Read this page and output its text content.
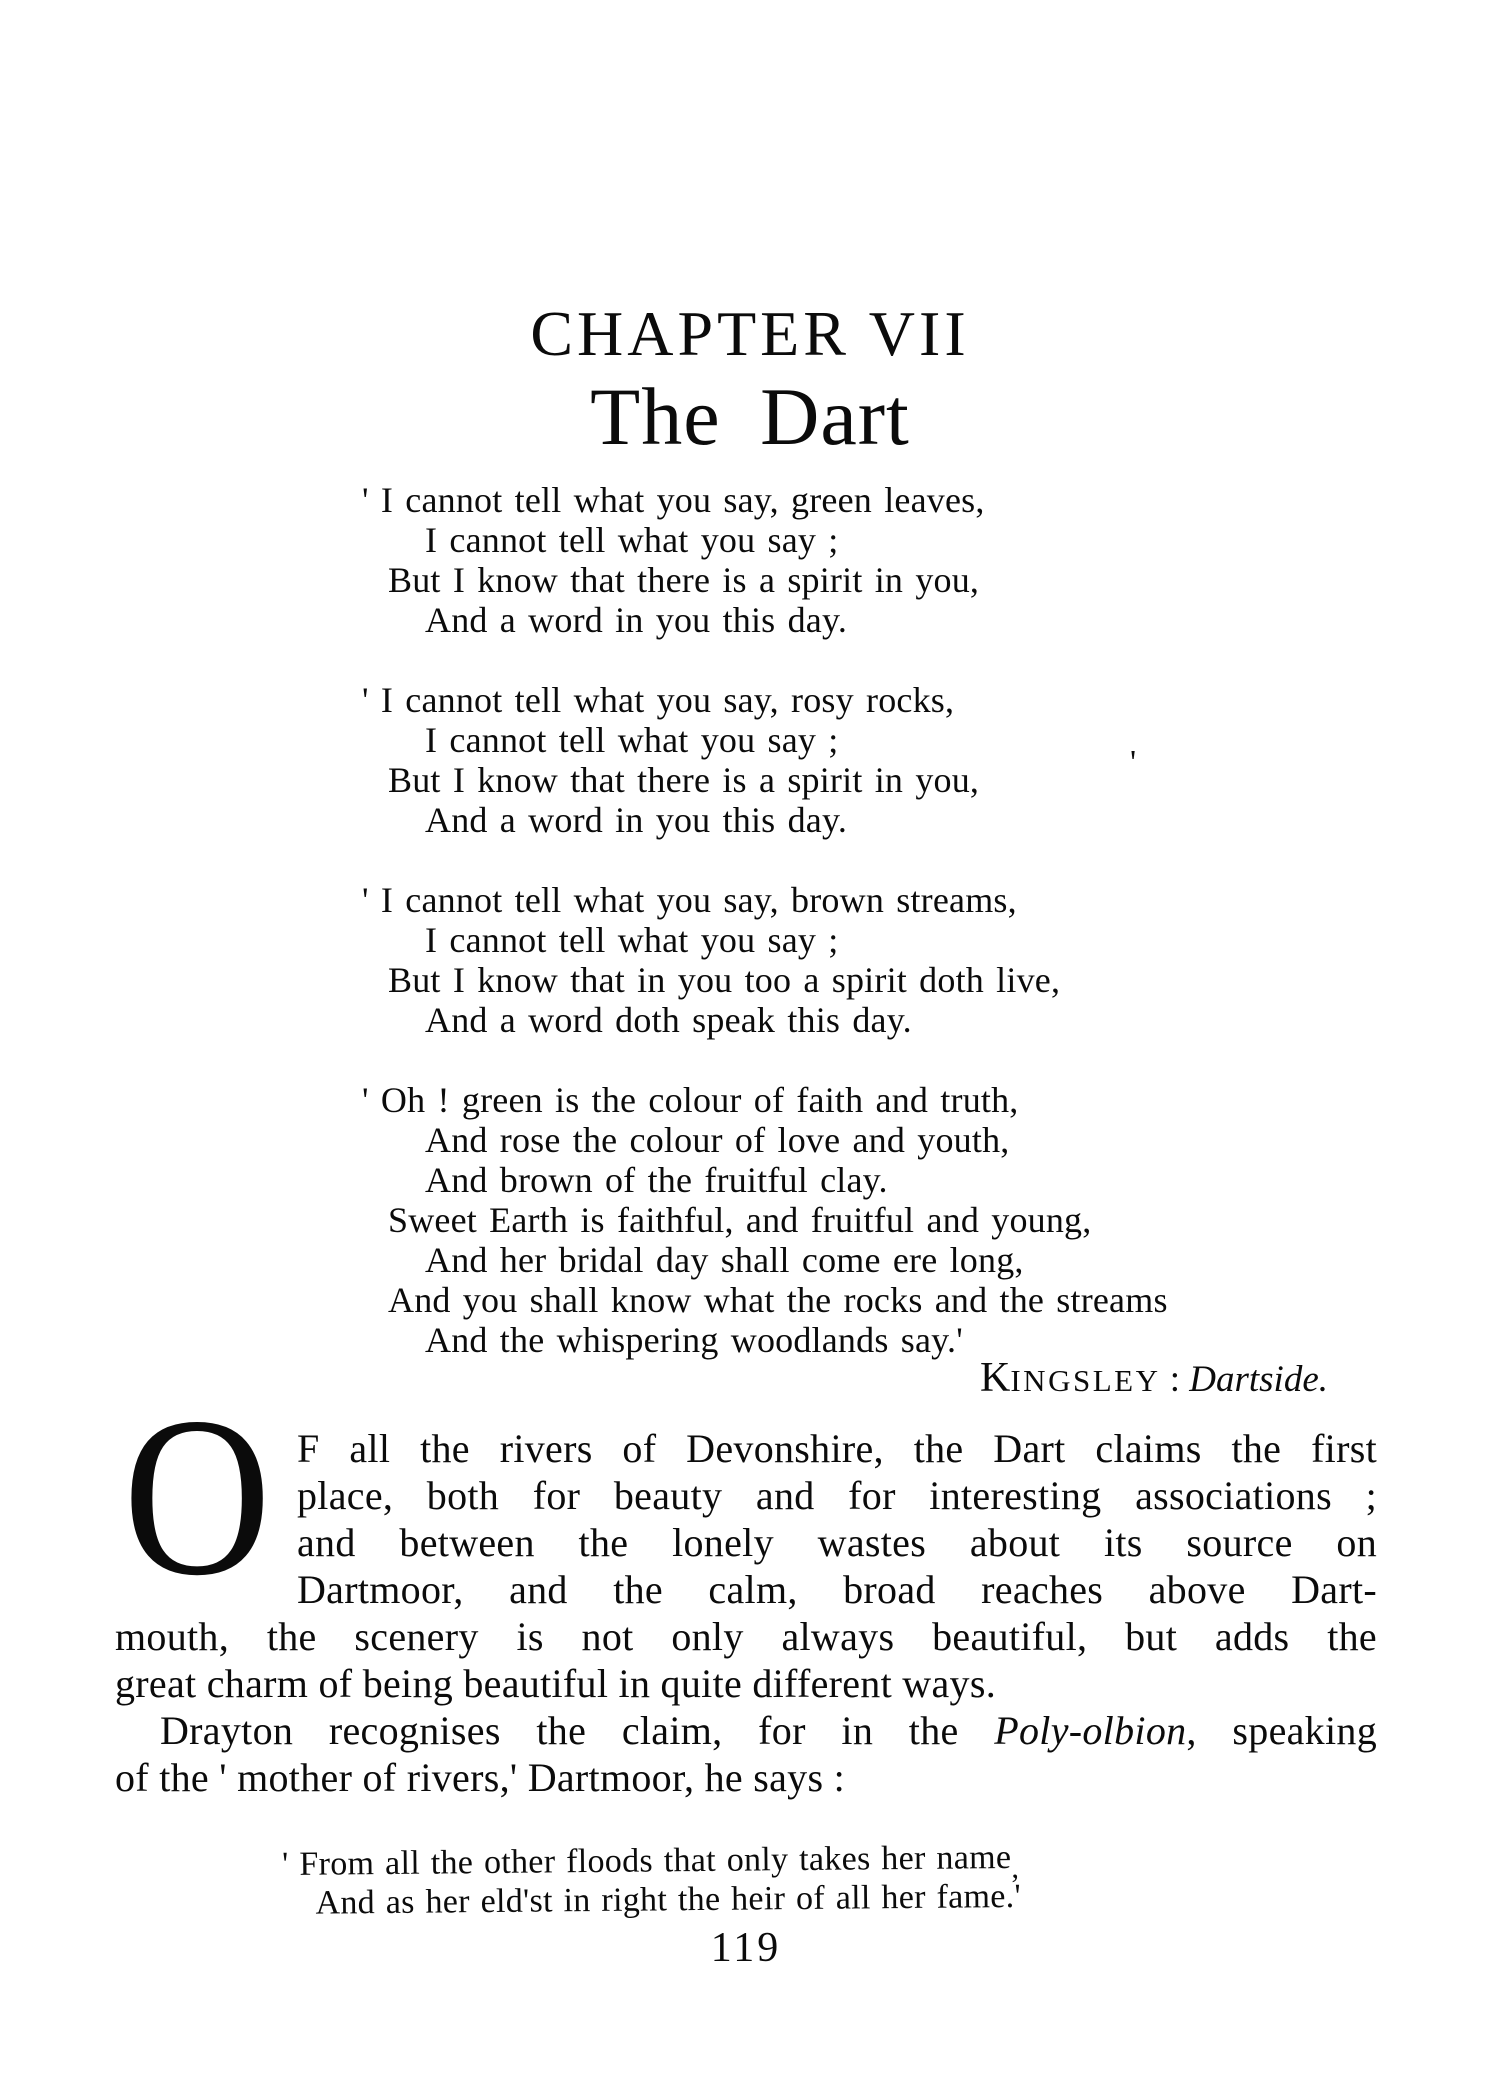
CHAPTER VII
The Dart
' I cannot tell what you say, green leaves,
I cannot tell what you say ;
But I know that there is a spirit in you,
And a word in you this day.
' I cannot tell what you say, rosy rocks,
I cannot tell what you say ;
But I know that there is a spirit in you,
And a word in you this day.
' I cannot tell what you say, brown streams,
I cannot tell what you say ;
But I know that in you too a spirit doth live,
And a word doth speak this day.
' Oh ! green is the colour of faith and truth,
And rose the colour of love and youth,
And brown of the fruitful clay.
Sweet Earth is faithful, and fruitful and young,
And her bridal day shall come ere long,
And you shall know what the rocks and the streams
And the whispering woodlands say.'
'
KINGSLEY : Dartside.
O F all the rivers of Devonshire, the Dart claims the first
place, both for beauty and for interesting associations ;
and between the lonely wastes about its source on
Dartmoor, and the calm, broad reaches above Dart-
mouth, the scenery is not only always beautiful, but adds the
great charm of being beautiful in quite different ways.
Drayton recognises the claim, for in the Poly-olbion, speaking
of the ' mother of rivers,' Dartmoor, he says :
' From all the other floods that only takes her name,
And as her eld'st in right the heir of all her fame.'
119
